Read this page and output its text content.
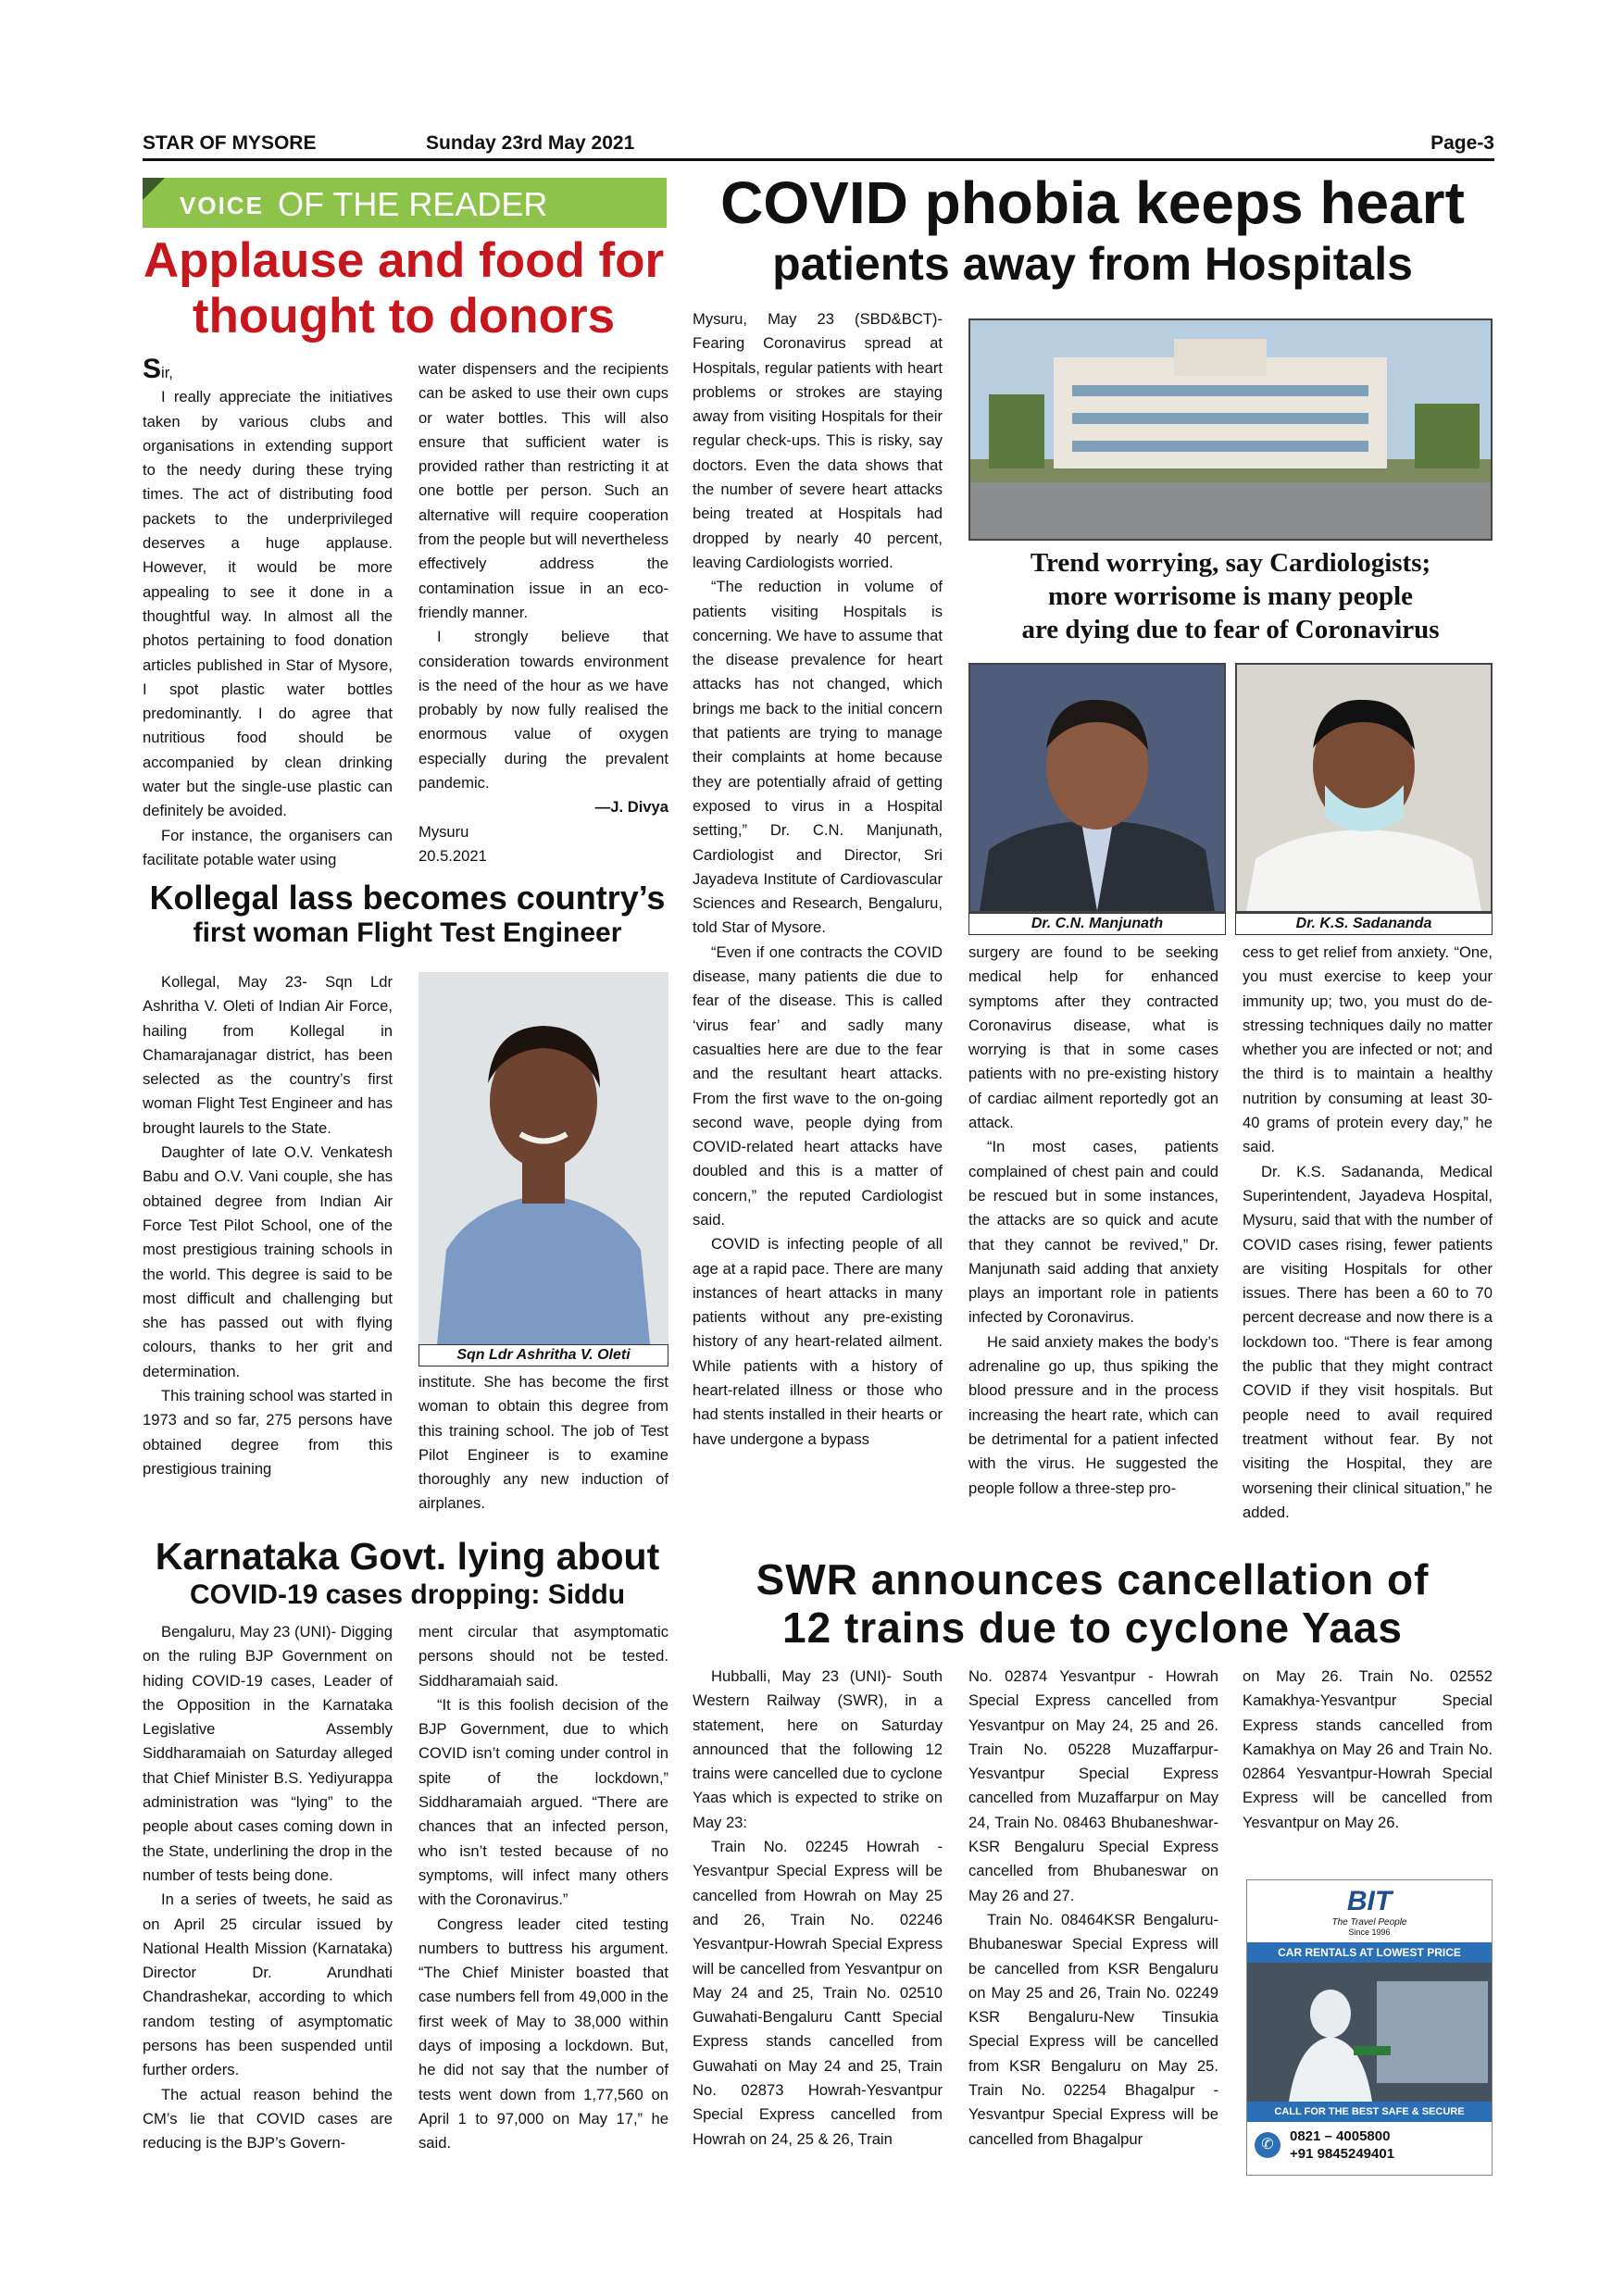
STAR OF MYSORE	Sunday 23rd May 2021	Page-3
VOICE OF THE READER
Applause and food for
thought to donors

Sir,

I really appreciate the initiatives taken by various clubs and organisations in extending support to the needy during these trying times. The act of distributing food packets to the underprivileged deserves a huge applause. However, it would be more appealing to see it done in a thoughtful way. In almost all the photos pertaining to food donation articles published in Star of Mysore, I spot plastic water bottles predominantly. I do agree that nutritious food should be accompanied by clean drinking water but the single-use plastic can definitely be avoided.

For instance, the organisers can facilitate potable water using

water dispensers and the recipients can be asked to use their own cups or water bottles. This will also ensure that sufficient water is provided rather than restricting it at one bottle per person. Such an alternative will require cooperation from the people but will nevertheless effectively address the contamination issue in an eco-friendly manner.

I strongly believe that consideration towards environment is the need of the hour as we have probably by now fully realised the enormous value of oxygen especially during the prevalent pandemic.

—J. Divya
Mysuru
20.5.2021
Kollegal lass becomes country’s
first woman Flight Test Engineer

Kollegal, May 23- Sqn Ldr Ashritha V. Oleti of Indian Air Force, hailing from Kollegal in Chamarajanagar district, has been selected as the country’s first woman Flight Test Engineer and has brought laurels to the State.

Daughter of late O.V. Venkatesh Babu and O.V. Vani couple, she has obtained degree from Indian Air Force Test Pilot School, one of the most prestigious training schools in the world. This degree is said to be most difficult and challenging but she has passed out with flying colours, thanks to her grit and determination.

This training school was started in 1973 and so far, 275 persons have obtained degree from this prestigious training

Sqn Ldr Ashritha V. Oleti

institute. She has become the first woman to obtain this degree from this training school. The job of Test Pilot Engineer is to examine thoroughly any new induction of airplanes.

Karnataka Govt. lying about
COVID-19 cases dropping: Siddu

Bengaluru, May 23 (UNI)- Digging on the ruling BJP Government on hiding COVID-19 cases, Leader of the Opposition in the Karnataka Legislative Assembly Siddharamaiah on Saturday alleged that Chief Minister B.S. Yediyurappa administration was “lying” to the people about cases coming down in the State, underlining the drop in the number of tests being done.

In a series of tweets, he said as on April 25 circular issued by National Health Mission (Karnataka) Director Dr. Arundhati Chandrashekar, according to which random testing of asymptomatic persons has been suspended until further orders.

The actual reason behind the CM’s lie that COVID cases are reducing is the BJP’s Govern-

ment circular that asymptomatic persons should not be tested. Siddharamaiah said.

“It is this foolish decision of the BJP Government, due to which COVID isn’t coming under control in spite of the lockdown,” Siddharamaiah argued. “There are chances that an infected person, who isn’t tested because of no symptoms, will infect many others with the Coronavirus.”

Congress leader cited testing numbers to buttress his argument. “The Chief Minister boasted that case numbers fell from 49,000 in the first week of May to 38,000 within days of imposing a lockdown. But, he did not say that the number of tests went down from 1,77,560 on April 1 to 97,000 on May 17,” he said.

COVID phobia keeps heart
patients away from Hospitals

Mysuru, May 23 (SBD&BCT)- Fearing Coronavirus spread at Hospitals, regular patients with heart problems or strokes are staying away from visiting Hospitals for their regular check-ups. This is risky, say doctors. Even the data shows that the number of severe heart attacks being treated at Hospitals had dropped by nearly 40 percent, leaving Cardiologists worried.

“The reduction in volume of patients visiting Hospitals is concerning. We have to assume that the disease prevalence for heart attacks has not changed, which brings me back to the initial concern that patients are trying to manage their complaints at home because they are potentially afraid of getting exposed to virus in a Hospital setting,” Dr. C.N. Manjunath, Cardiologist and Director, Sri Jayadeva Institute of Cardiovascular Sciences and Research, Bengaluru, told Star of Mysore.

“Even if one contracts the COVID disease, many patients die due to fear of the disease. This is called ‘virus fear’ and sadly many casualties here are due to the fear and the resultant heart attacks. From the first wave to the on-going second wave, people dying from COVID-related heart attacks have doubled and this is a matter of concern,” the reputed Cardiologist said.

COVID is infecting people of all age at a rapid pace. There are many instances of heart attacks in many patients without any pre-existing history of any heart-related ailment. While patients with a history of heart-related illness or those who had stents installed in their hearts or have undergone a bypass

Trend worrying, say Cardiologists;
more worrisome is many people
are dying due to fear of Coronavirus
Dr. C.N. Manjunath	Dr. K.S. Sadananda

surgery are found to be seeking medical help for enhanced symptoms after they contracted Coronavirus disease, what is worrying is that in some cases patients with no pre-existing history of cardiac ailment reportedly got an attack.

“In most cases, patients complained of chest pain and could be rescued but in some instances, the attacks are so quick and acute that they cannot be revived,” Dr. Manjunath said adding that anxiety plays an important role in patients infected by Coronavirus.

He said anxiety makes the body’s adrenaline go up, thus spiking the blood pressure and in the process increasing the heart rate, which can be detrimental for a patient infected with the virus. He suggested the people follow a three-step pro-

cess to get relief from anxiety. “One, you must exercise to keep your immunity up; two, you must do de-stressing techniques daily no matter whether you are infected or not; and the third is to maintain a healthy nutrition by consuming at least 30-40 grams of protein every day,” he said.

Dr. K.S. Sadananda, Medical Superintendent, Jayadeva Hospital, Mysuru, said that with the number of COVID cases rising, fewer patients are visiting Hospitals for other issues. There has been a 60 to 70 percent decrease and now there is a lockdown too. “There is fear among the public that they might contract COVID if they visit hospitals. But people need to avail required treatment without fear. By not visiting the Hospital, they are worsening their clinical situation,” he added.

SWR announces cancellation of
12 trains due to cyclone Yaas

Hubballi, May 23 (UNI)- South Western Railway (SWR), in a statement, here on Saturday announced that the following 12 trains were cancelled due to cyclone Yaas which is expected to strike on May 23:

Train No. 02245 Howrah - Yesvantpur Special Express will be cancelled from Howrah on May 25 and 26, Train No. 02246 Yesvantpur-Howrah Special Express will be cancelled from Yesvantpur on May 24 and 25, Train No. 02510 Guwahati-Bengaluru Cantt Special Express stands cancelled from Guwahati on May 24 and 25, Train No. 02873 Howrah-Yesvantpur Special Express cancelled from Howrah on 24, 25 & 26, Train

No. 02874 Yesvantpur - Howrah Special Express cancelled from Yesvantpur on May 24, 25 and 26. Train No. 05228 Muzaffarpur-Yesvantpur Special Express cancelled from Muzaffarpur on May 24, Train No. 08463 Bhubaneshwar-KSR Bengaluru Special Express cancelled from Bhubaneswar on May 26 and 27.

Train No. 08464KSR Bengaluru-Bhubaneswar Special Express will be cancelled from KSR Bengaluru on May 25 and 26, Train No. 02249 KSR Bengaluru-New Tinsukia Special Express will be cancelled from KSR Bengaluru on May 25. Train No. 02254 Bhagalpur -Yesvantpur Special Express will be cancelled from Bhagalpur

on May 26. Train No. 02552 Kamakhya-Yesvantpur Special Express stands cancelled from Kamakhya on May 26 and Train No. 02864 Yesvantpur-Howrah Special Express will be cancelled from Yesvantpur on May 26.

BIT
The Travel People
Since 1996
CAR RENTALS AT LOWEST PRICE
CALL FOR THE BEST SAFE & SECURE
✆
0821 – 4005800
+91 9845249401
